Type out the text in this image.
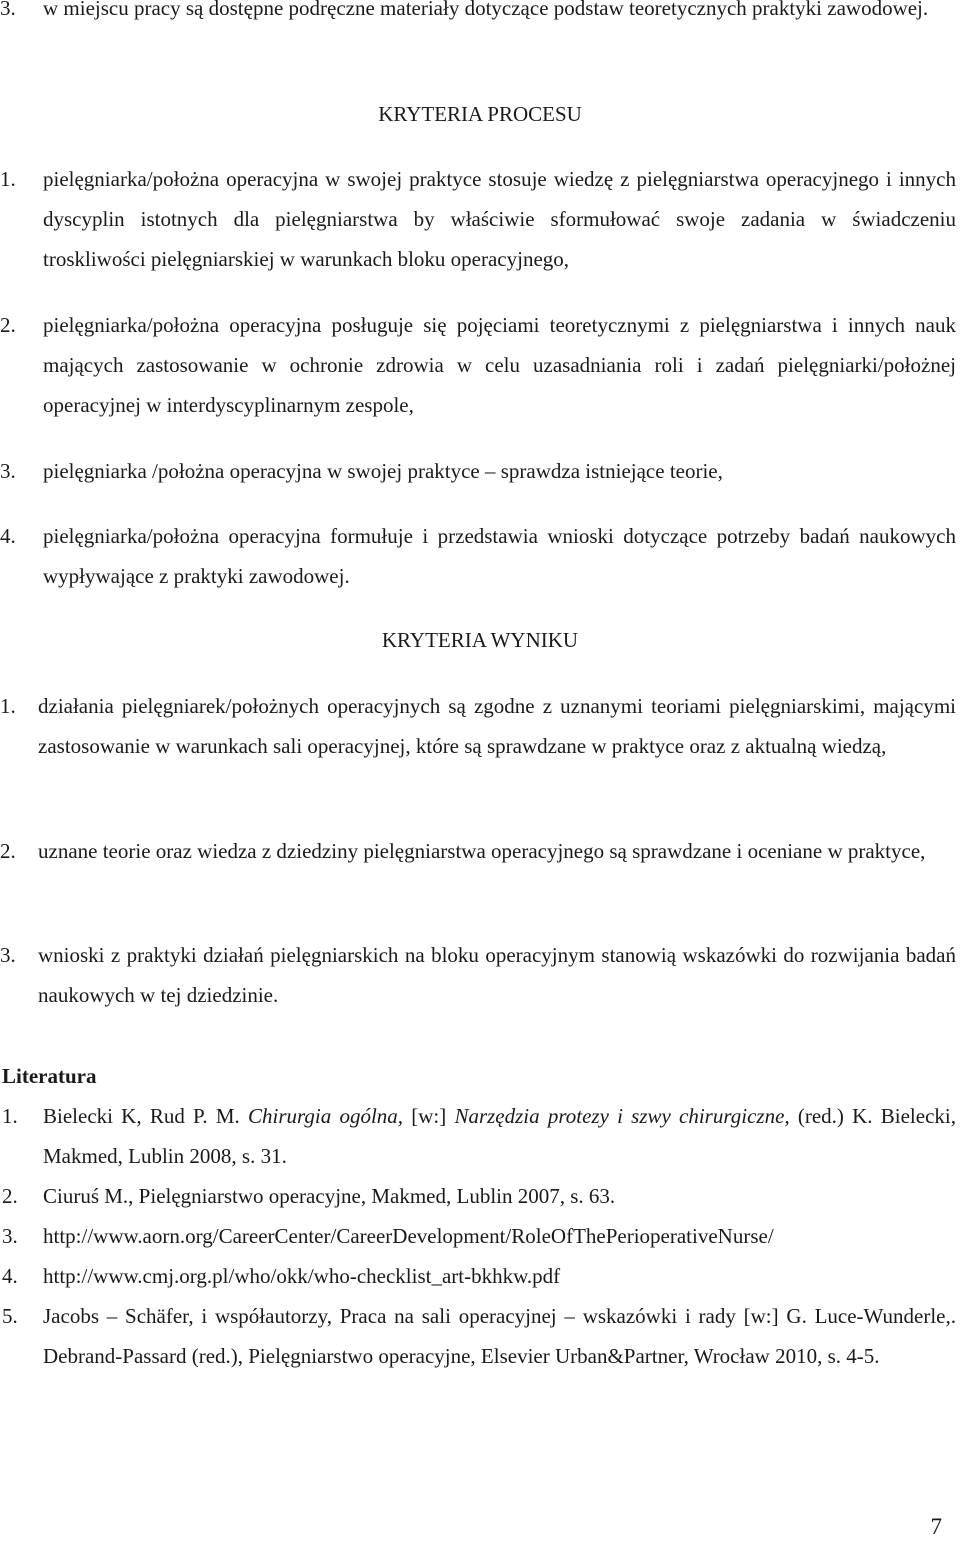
3. w miejscu pracy są dostępne podręczne materiały dotyczące podstaw teoretycznych praktyki zawodowej.
KRYTERIA PROCESU
1. pielęgniarka/położna operacyjna w swojej praktyce stosuje wiedzę z pielęgniarstwa operacyjnego i innych dyscyplin istotnych dla pielęgniarstwa by właściwie sformułować swoje zadania w świadczeniu troskliwości pielęgniarskiej w warunkach bloku operacyjnego,
2. pielęgniarka/położna operacyjna posługuje się pojęciami teoretycznymi z pielęgniarstwa i innych nauk mających zastosowanie w ochronie zdrowia w celu uzasadniania roli i zadań pielęgniarki/położnej operacyjnej w interdyscyplinarnym zespole,
3. pielęgniarka /położna operacyjna w swojej praktyce – sprawdza istniejące teorie,
4. pielęgniarka/położna operacyjna formułuje i przedstawia wnioski dotyczące potrzeby badań naukowych wypływające z praktyki zawodowej.
KRYTERIA WYNIKU
1. działania pielęgniarek/położnych operacyjnych są zgodne z uznanymi teoriami pielęgniarskimi, mającymi zastosowanie w warunkach sali operacyjnej, które są sprawdzane w praktyce oraz z aktualną wiedzą,
2. uznane teorie oraz wiedza z dziedziny pielęgniarstwa operacyjnego są sprawdzane i oceniane w praktyce,
3. wnioski z praktyki działań pielęgniarskich na bloku operacyjnym stanowią wskazówki do rozwijania badań naukowych w tej dziedzinie.
Literatura
1. Bielecki K, Rud P. M. Chirurgia ogólna, [w:] Narzędzia protezy i szwy chirurgiczne, (red.) K. Bielecki, Makmed, Lublin 2008, s. 31.
2. Ciuruś M., Pielęgniarstwo operacyjne, Makmed, Lublin 2007, s. 63.
3. http://www.aorn.org/CareerCenter/CareerDevelopment/RoleOfThePerioperativeNurse/
4. http://www.cmj.org.pl/who/okk/who-checklist_art-bkhkw.pdf
5. Jacobs – Schäfer, i współautorzy, Praca na sali operacyjnej – wskazówki i rady [w:] G. Luce-Wunderle,. Debrand-Passard (red.), Pielęgniarstwo operacyjne, Elsevier Urban&Partner, Wrocław 2010, s. 4-5.
7
